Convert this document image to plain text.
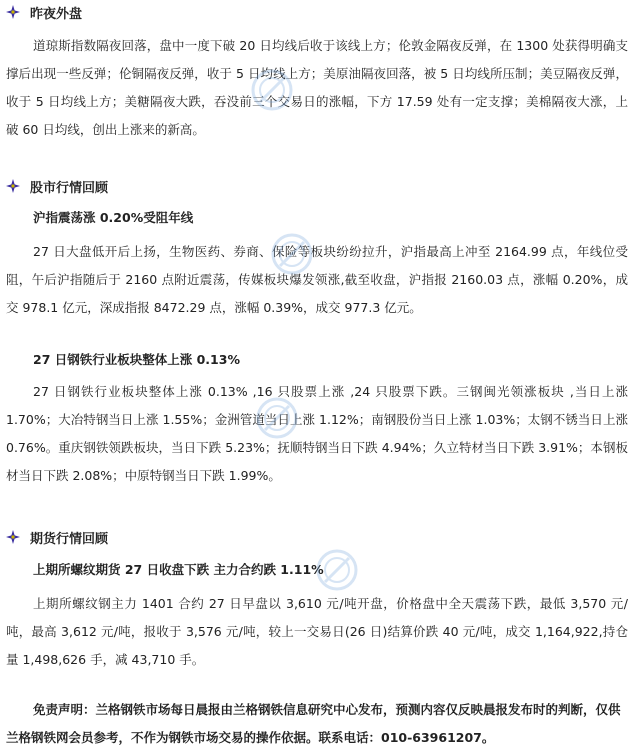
昨夜外盘
道琼斯指数隔夜回落，盘中一度下破 20 日均线后收于该线上方；伦敦金隔夜反弹，在 1300 处获得明确支撑后出现一些反弹；伦铜隔夜反弹，收于 5 日均线上方；美原油隔夜回落，被 5 日均线所压制；美豆隔夜反弹，收于 5 日均线上方；美糖隔夜大跌，吞没前三个交易日的涨幅，下方 17.59 处有一定支撑；美棉隔夜大涨，上破 60 日均线，创出上涨来的新高。
股市行情回顾
沪指震荡涨 0.20%受阻年线
27 日大盘低开后上扬，生物医药、券商、保险等板块纷纷拉升，沪指最高上冲至 2164.99 点，年线位受阻，午后沪指随后于 2160 点附近震荡，传媒板块爆发领涨,截至收盘，沪指报 2160.03 点，涨幅 0.20%，成交 978.1 亿元，深成指报 8472.29 点，涨幅 0.39%，成交 977.3 亿元。
27 日钢铁行业板块整体上涨 0.13%
27 日钢铁行业板块整体上涨 0.13% ,16 只股票上涨 ,24 只股票下跌。三钢闽光领涨板块 ,当日上涨 1.70%；大冶特钢当日上涨 1.55%；金洲管道当日上涨 1.12%；南钢股份当日上涨 1.03%；太钢不锈当日上涨 0.76%。重庆钢铁领跌板块，当日下跌 5.23%；抚顺特钢当日下跌 4.94%；久立特材当日下跌 3.91%；本钢板材当日下跌 2.08%；中原特钢当日下跌 1.99%。
期货行情回顾
上期所螺纹期货 27 日收盘下跌 主力合约跌 1.11%
上期所螺纹钢主力 1401 合约 27 日早盘以 3,610 元/吨开盘，价格盘中全天震荡下跌，最低 3,570 元/吨，最高 3,612 元/吨，报收于 3,576 元/吨，较上一交易日(26 日)结算价跌 40 元/吨，成交 1,164,922,持仓量 1,498,626 手，减 43,710 手。
免责声明：兰格钢铁市场每日晨报由兰格钢铁信息研究中心发布，预测内容仅反映晨报发布时的判断，仅供兰格钢铁网会员参考，不作为钢铁市场交易的操作依据。联系电话：010-63961207。
